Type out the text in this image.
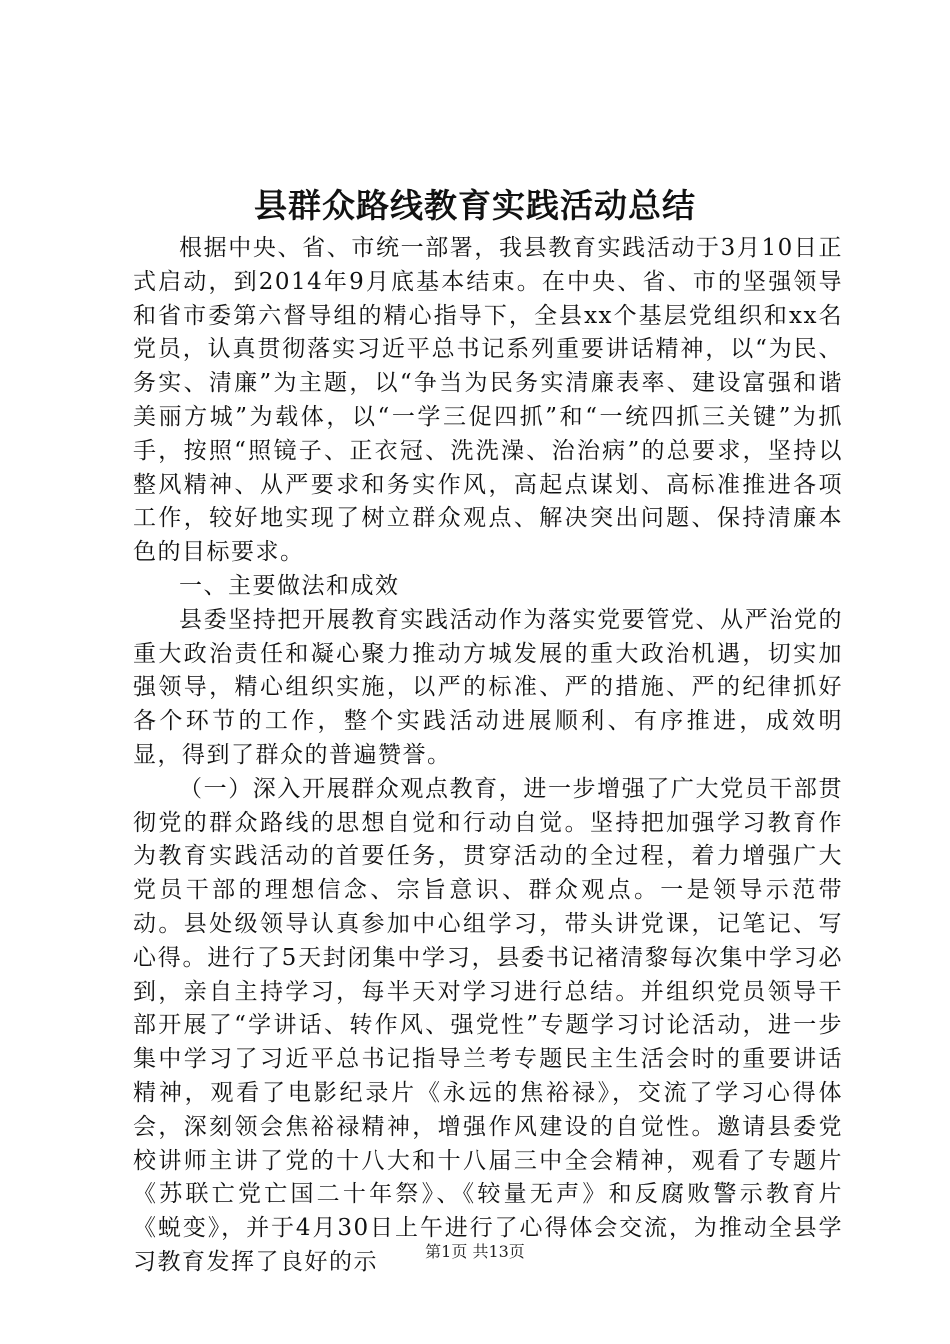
县群众路线教育实践活动总结

根据中央、省、市统一部署，我县教育实践活动于3月10日正式启动，到2014年9月底基本结束。在中央、省、市的坚强领导和省市委第六督导组的精心指导下，全县xx个基层党组织和xx名党员，认真贯彻落实习近平总书记系列重要讲话精神，以“为民、务实、清廉”为主题，以“争当为民务实清廉表率、建设富强和谐美丽方城”为载体，以“一学三促四抓”和“一统四抓三关键”为抓手，按照“照镜子、正衣冠、洗洗澡、治治病”的总要求，坚持以整风精神、从严要求和务实作风，高起点谋划、高标准推进各项工作，较好地实现了树立群众观点、解决突出问题、保持清廉本色的目标要求。

一、主要做法和成效

县委坚持把开展教育实践活动作为落实党要管党、从严治党的重大政治责任和凝心聚力推动方城发展的重大政治机遇，切实加强领导，精心组织实施，以严的标准、严的措施、严的纪律抓好各个环节的工作，整个实践活动进展顺利、有序推进，成效明显，得到了群众的普遍赞誉。

（一）深入开展群众观点教育，进一步增强了广大党员干部贯彻党的群众路线的思想自觉和行动自觉。坚持把加强学习教育作为教育实践活动的首要任务，贯穿活动的全过程，着力增强广大党员干部的理想信念、宗旨意识、群众观点。一是领导示范带动。县处级领导认真参加中心组学习，带头讲党课，记笔记、写心得。进行了5天封闭集中学习，县委书记褚清黎每次集中学习必到，亲自主持学习，每半天对学习进行总结。并组织党员领导干部开展了“学讲话、转作风、强党性”专题学习讨论活动，进一步集中学习了习近平总书记指导兰考专题民主生活会时的重要讲话精神，观看了电影纪录片《永远的焦裕禄》，交流了学习心得体会，深刻领会焦裕禄精神，增强作风建设的自觉性。邀请县委党校讲师主讲了党的十八大和十八届三中全会精神，观看了专题片《苏联亡党亡国二十年祭》、《较量无声》和反腐败警示教育片《蜕变》，并于4月30日上午进行了心得体会交流，为推动全县学习教育发挥了良好的示	第1页 共13页
